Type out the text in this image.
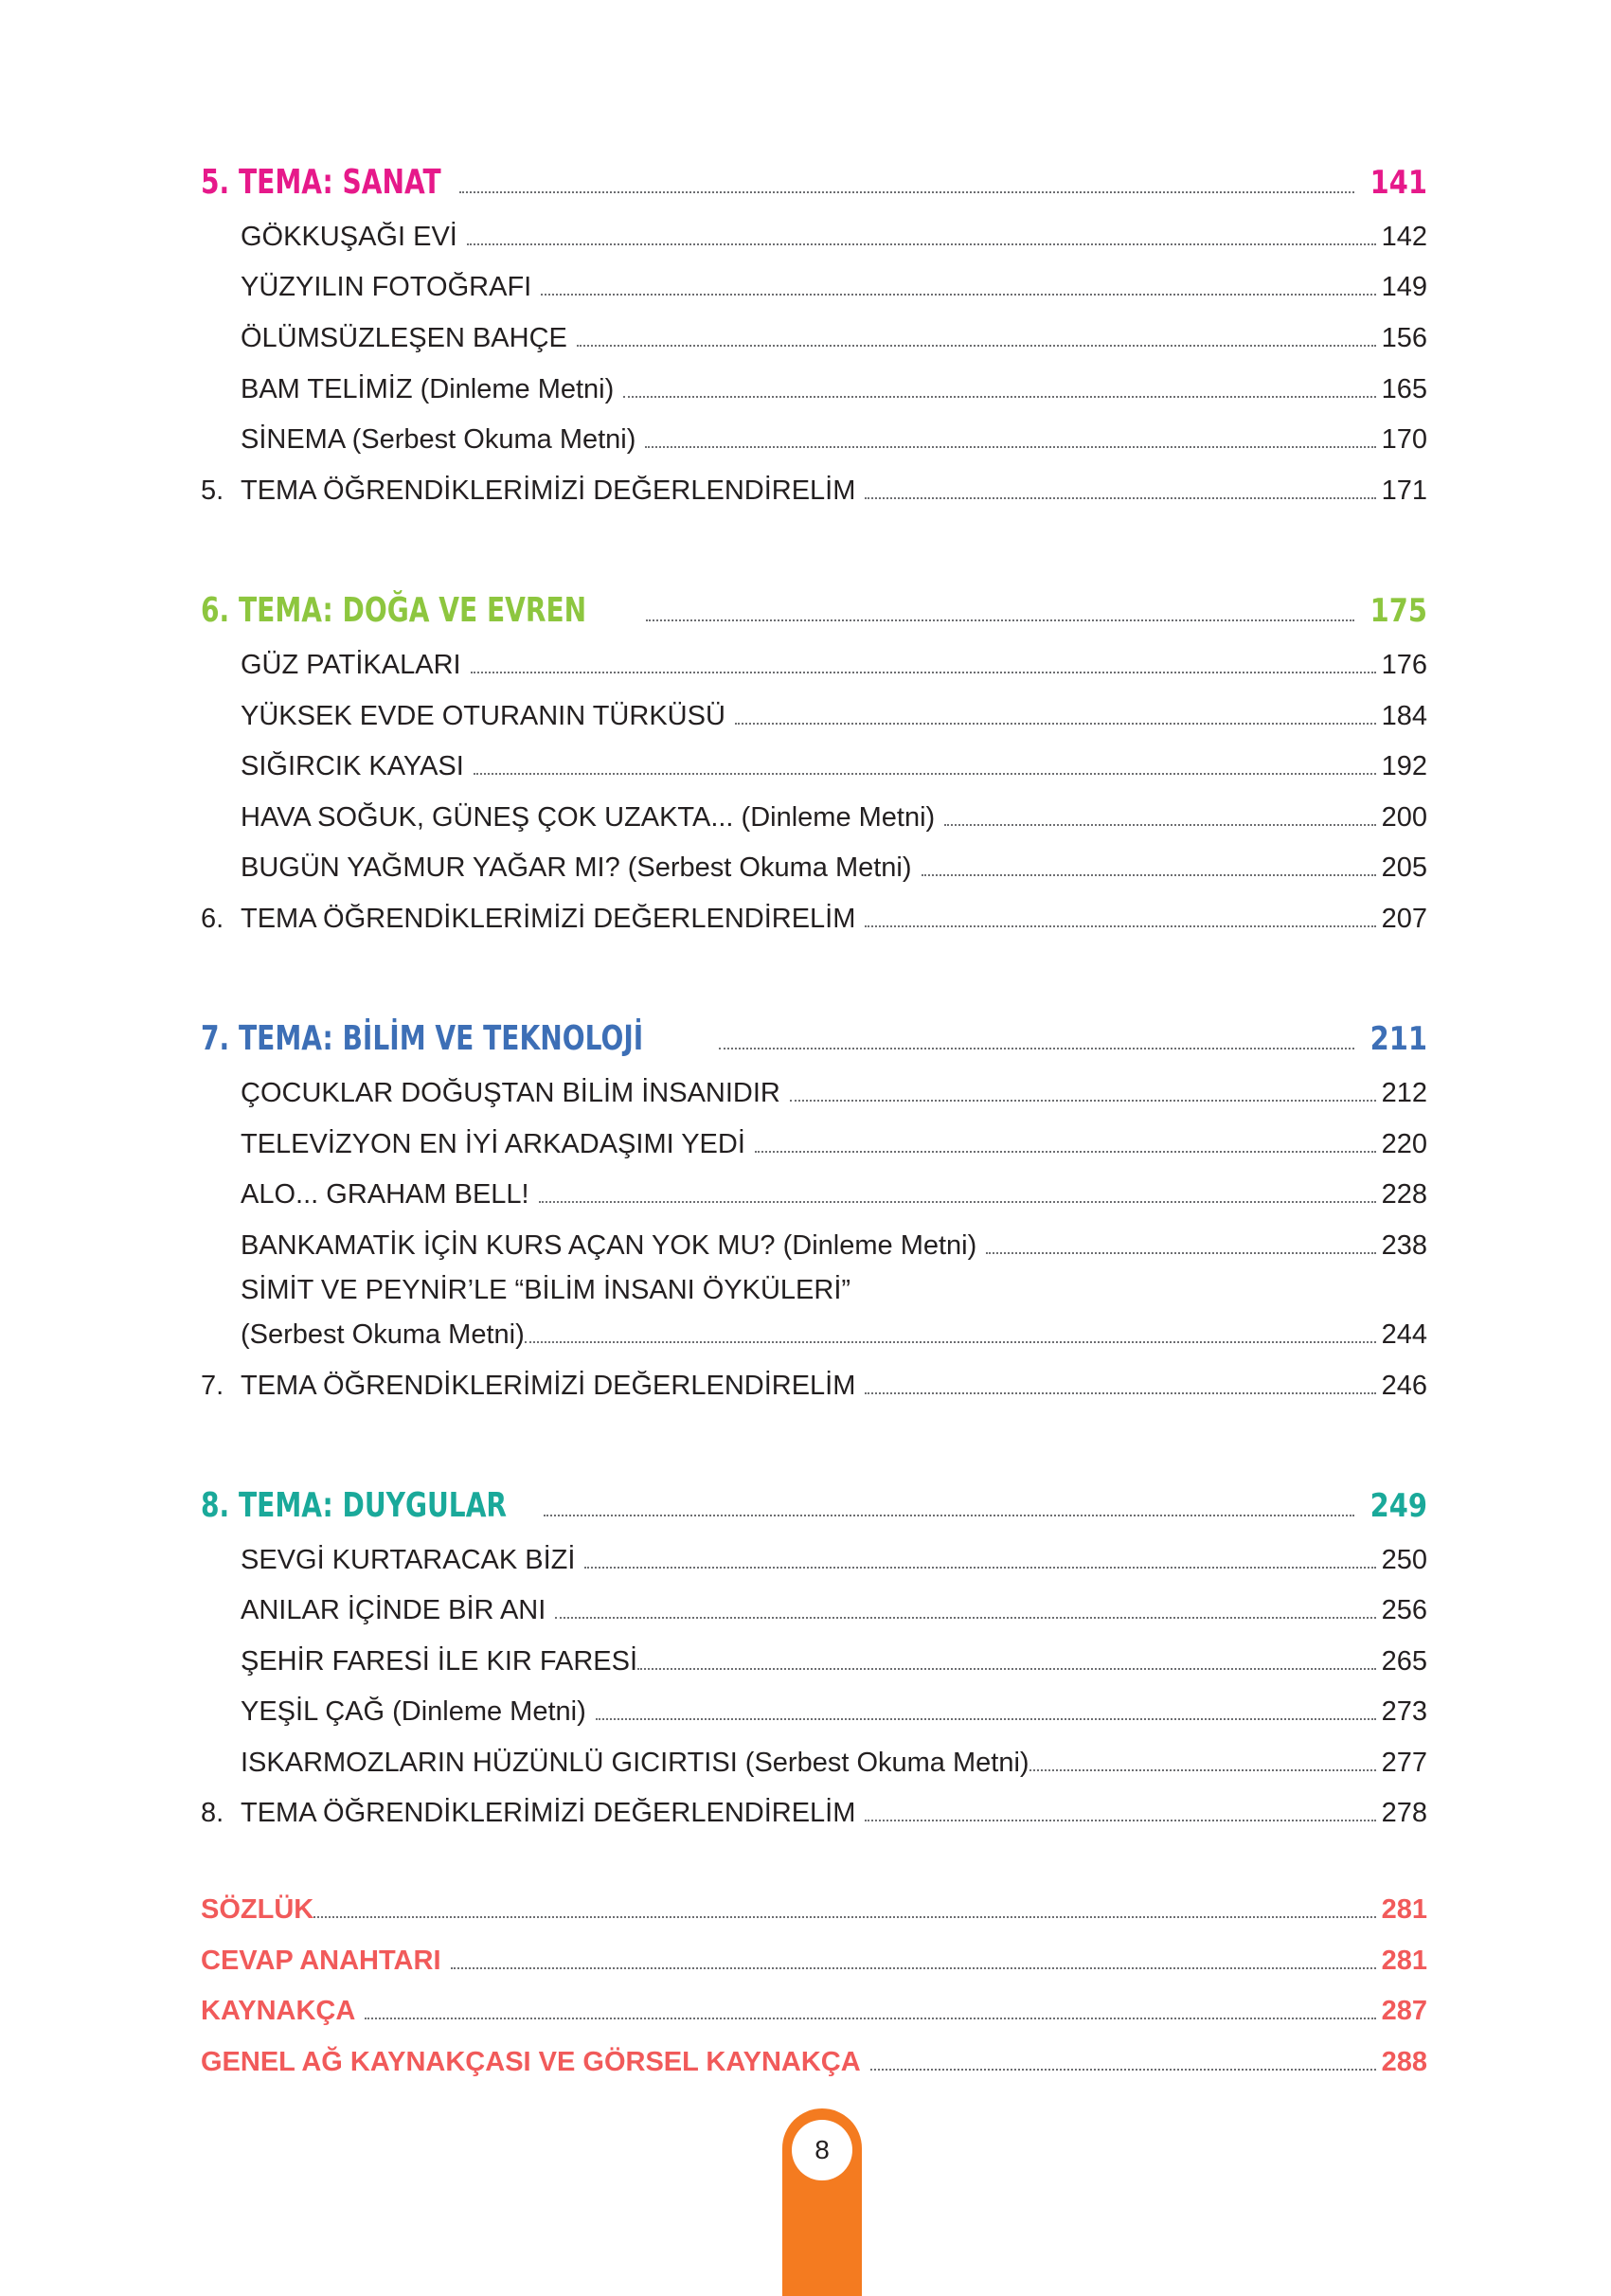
5. TEMA: SANAT	141
GÖKKUŞAĞI EVİ	142
YÜZYILIN FOTOĞRAFI	149
ÖLÜMSÜZLEŞEN BAHÇE	156
BAM TELİMİZ (Dinleme Metni)	165
SİNEMA (Serbest Okuma Metni)	170
5. TEMA ÖĞRENDİKLERİMİZİ DEĞERLENDİRELİM	171
6. TEMA: DOĞA VE EVREN	175
GÜZ PATİKALARI	176
YÜKSEK EVDE OTURANIN TÜRKÜSÜ	184
SIĞIRCIK KAYASI	192
HAVA SOĞUK, GÜNEŞ ÇOK UZAKTA... (Dinleme Metni)	200
BUGÜN YAĞMUR YAĞAR MI? (Serbest Okuma Metni)	205
6. TEMA ÖĞRENDİKLERİMİZİ DEĞERLENDİRELİM	207
7. TEMA: BİLİM VE TEKNOLOJİ	211
ÇOCUKLAR DOĞUŞTAN BİLİM İNSANIDIR	212
TELEVİZYON EN İYİ ARKADAŞIMI YEDİ	220
ALO... GRAHAM BELL!	228
BANKAMATİK İÇİN KURS AÇAN YOK MU? (Dinleme Metni)	238
SİMİT VE PEYNİR’LE “BİLİM İNSANI ÖYKÜLERİ”
(Serbest Okuma Metni)	244
7. TEMA ÖĞRENDİKLERİMİZİ DEĞERLENDİRELİM	246
8. TEMA: DUYGULAR	249
SEVGİ KURTARACAK BİZİ	250
ANILAR İÇİNDE BİR ANI	256
ŞEHİR FARESİ İLE KIR FARESİ	265
YEŞİL ÇAĞ (Dinleme Metni)	273
ISKARMOZLARIN HÜZÜNLÜ GICIRTISI (Serbest Okuma Metni)	277
8. TEMA ÖĞRENDİKLERİMİZİ DEĞERLENDİRELİM	278
SÖZLÜK	281
CEVAP ANAHTARI	281
KAYNAKÇA	287
GENEL AĞ KAYNAKÇASI VE GÖRSEL KAYNAKÇA	288
8
